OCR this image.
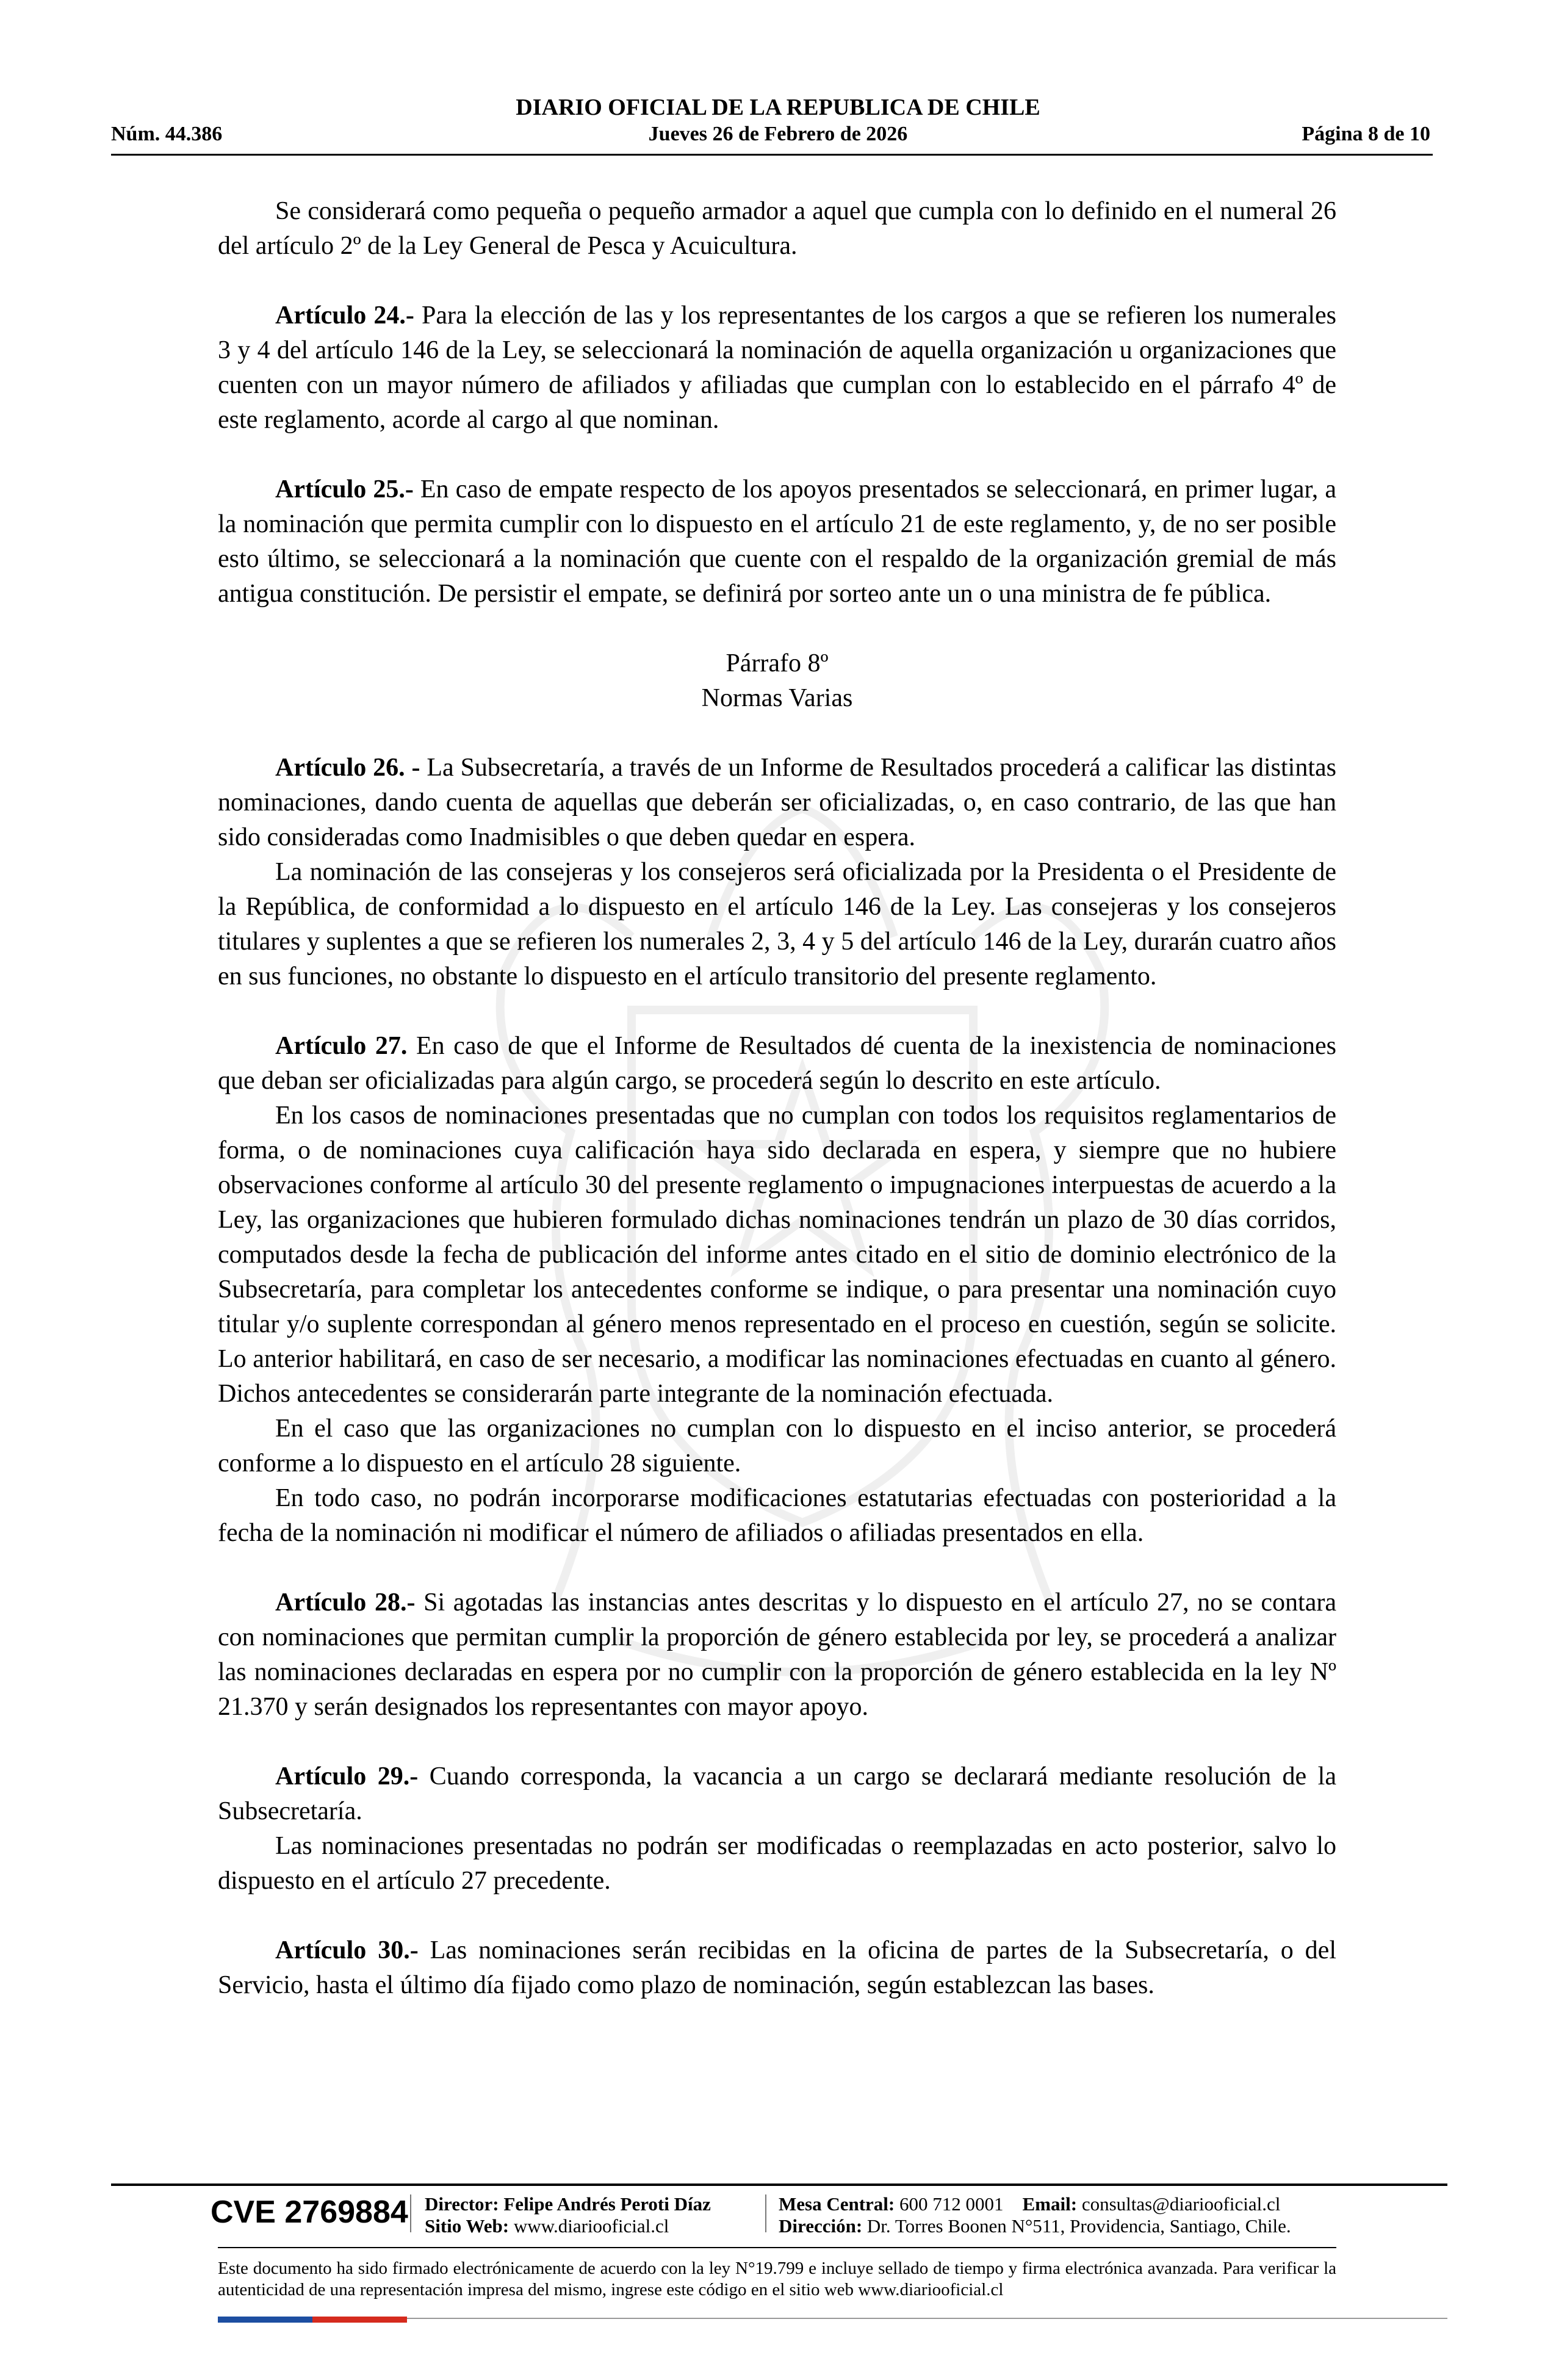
DIARIO OFICIAL DE LA REPUBLICA DE CHILE
Núm. 44.386	Jueves 26 de Febrero de 2026	Página 8 de 10

Se considerará como pequeña o pequeño armador a aquel que cumpla con lo definido en el numeral 26 del artículo 2º de la Ley General de Pesca y Acuicultura.

Artículo 24.- Para la elección de las y los representantes de los cargos a que se refieren los numerales 3 y 4 del artículo 146 de la Ley, se seleccionará la nominación de aquella organización u organizaciones que cuenten con un mayor número de afiliados y afiliadas que cumplan con lo establecido en el párrafo 4º de este reglamento, acorde al cargo al que nominan.

Artículo 25.- En caso de empate respecto de los apoyos presentados se seleccionará, en primer lugar, a la nominación que permita cumplir con lo dispuesto en el artículo 21 de este reglamento, y, de no ser posible esto último, se seleccionará a la nominación que cuente con el respaldo de la organización gremial de más antigua constitución. De persistir el empate, se definirá por sorteo ante un o una ministra de fe pública.

Párrafo 8º

Normas Varias

Artículo 26. - La Subsecretaría, a través de un Informe de Resultados procederá a calificar las distintas nominaciones, dando cuenta de aquellas que deberán ser oficializadas, o, en caso contrario, de las que han sido consideradas como Inadmisibles o que deben quedar en espera.

La nominación de las consejeras y los consejeros será oficializada por la Presidenta o el Presidente de la República, de conformidad a lo dispuesto en el artículo 146 de la Ley. Las consejeras y los consejeros titulares y suplentes a que se refieren los numerales 2, 3, 4 y 5 del artículo 146 de la Ley, durarán cuatro años en sus funciones, no obstante lo dispuesto en el artículo transitorio del presente reglamento.

Artículo 27. En caso de que el Informe de Resultados dé cuenta de la inexistencia de nominaciones que deban ser oficializadas para algún cargo, se procederá según lo descrito en este artículo.

En los casos de nominaciones presentadas que no cumplan con todos los requisitos reglamentarios de forma, o de nominaciones cuya calificación haya sido declarada en espera, y siempre que no hubiere observaciones conforme al artículo 30 del presente reglamento o impugnaciones interpuestas de acuerdo a la Ley, las organizaciones que hubieren formulado dichas nominaciones tendrán un plazo de 30 días corridos, computados desde la fecha de publicación del informe antes citado en el sitio de dominio electrónico de la Subsecretaría, para completar los antecedentes conforme se indique, o para presentar una nominación cuyo titular y/o suplente correspondan al género menos representado en el proceso en cuestión, según se solicite. Lo anterior habilitará, en caso de ser necesario, a modificar las nominaciones efectuadas en cuanto al género. Dichos antecedentes se considerarán parte integrante de la nominación efectuada.

En el caso que las organizaciones no cumplan con lo dispuesto en el inciso anterior, se procederá conforme a lo dispuesto en el artículo 28 siguiente.

En todo caso, no podrán incorporarse modificaciones estatutarias efectuadas con posterioridad a la fecha de la nominación ni modificar el número de afiliados o afiliadas presentados en ella.

Artículo 28.- Si agotadas las instancias antes descritas y lo dispuesto en el artículo 27, no se contara con nominaciones que permitan cumplir la proporción de género establecida por ley, se procederá a analizar las nominaciones declaradas en espera por no cumplir con la proporción de género establecida en la ley Nº 21.370 y serán designados los representantes con mayor apoyo.

Artículo 29.- Cuando corresponda, la vacancia a un cargo se declarará mediante resolución de la Subsecretaría.

Las nominaciones presentadas no podrán ser modificadas o reemplazadas en acto posterior, salvo lo dispuesto en el artículo 27 precedente.

Artículo 30.- Las nominaciones serán recibidas en la oficina de partes de la Subsecretaría, o del Servicio, hasta el último día fijado como plazo de nominación, según establezcan las bases.

CVE 2769884 Director: Felipe Andrés Peroti Díaz
Sitio Web: www.diariooficial.cl
Mesa Central: 600 712 0001 Email: consultas@diariooficial.cl
Dirección: Dr. Torres Boonen N°511, Providencia, Santiago, Chile.
Este documento ha sido firmado electrónicamente de acuerdo con la ley N°19.799 e incluye sellado de tiempo y firma electrónica avanzada. Para verificar la autenticidad de una representación impresa del mismo, ingrese este código en el sitio web www.diariooficial.cl
